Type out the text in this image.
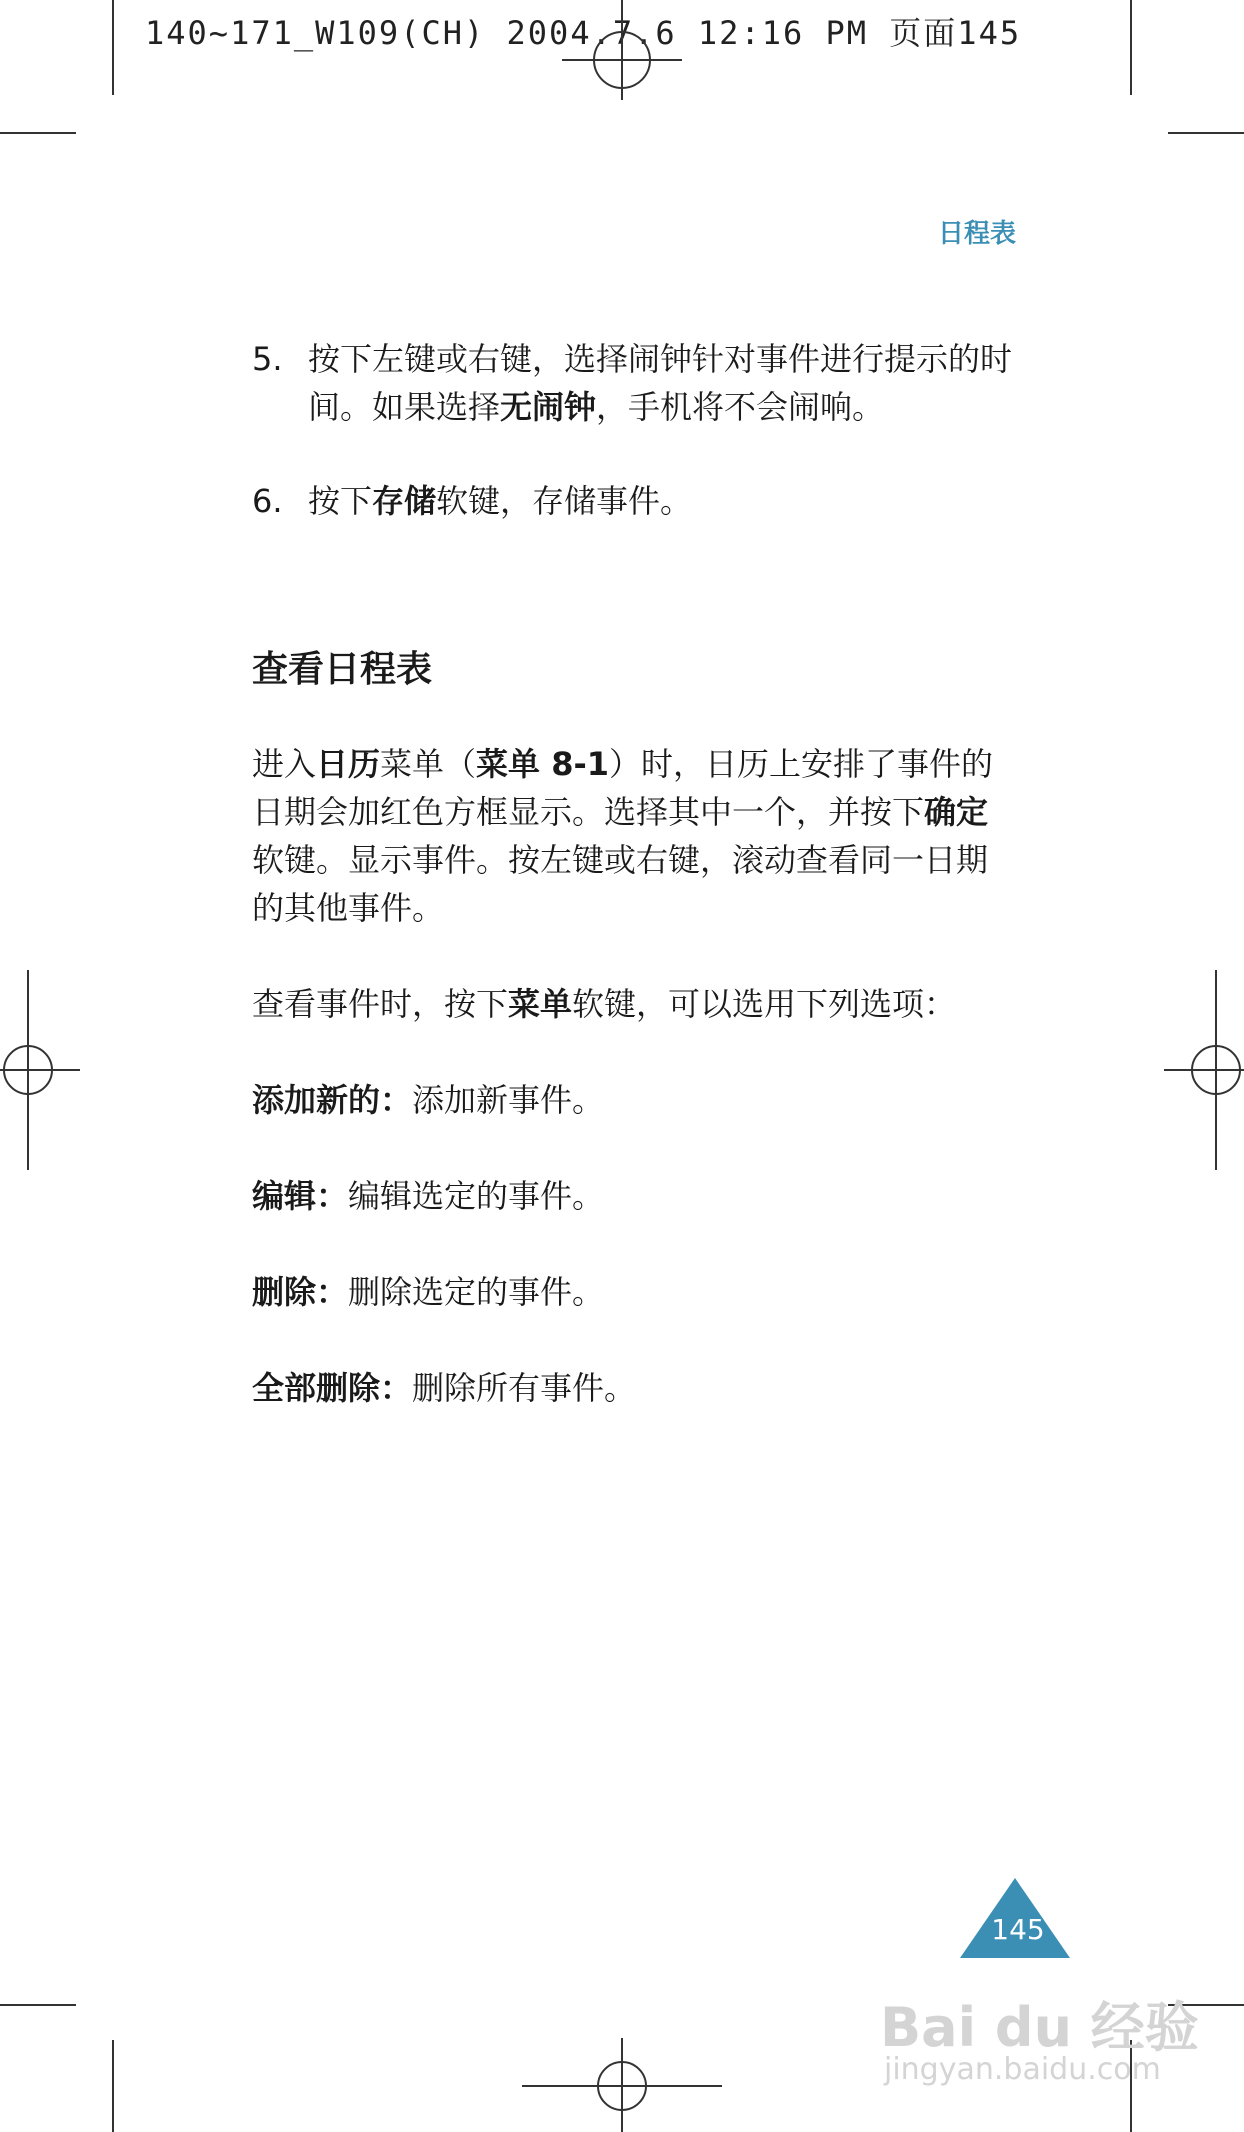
140~171_W109(CH) 2004.7.6 12:16 PM 页面145
日程表
5. 按下左键或右键，选择闹钟针对事件进行提示的时间。如果选择无闹钟，手机将不会闹响。
6. 按下存储软键，存储事件。
查看日程表

进入日历菜单（菜单 8-1）时，日历上安排了事件的日期会加红色方框显示。选择其中一个，并按下确定软键。显示事件。按左键或右键，滚动查看同一日期的其他事件。

查看事件时，按下菜单软键，可以选用下列选项：

添加新的：添加新事件。

编辑：编辑选定的事件。

删除：删除选定的事件。

全部删除：删除所有事件。

145
Bai du 经验
jingyan.baidu.com
